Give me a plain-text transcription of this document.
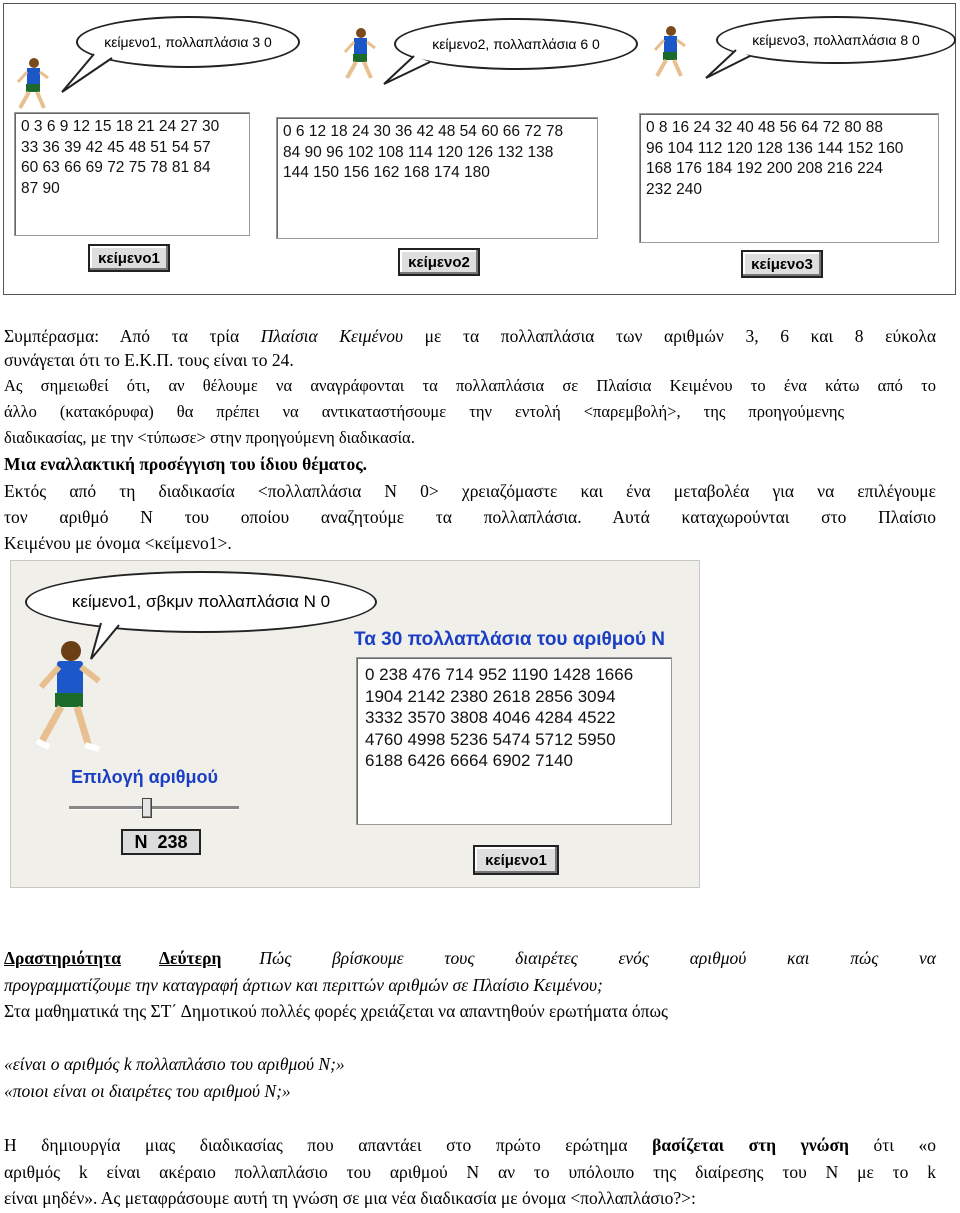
κείμενο1, πολλαπλάσια 3 0	κείμενο2, πολλαπλάσια 6 0	κείμενο3, πολλαπλάσια 8 0
0 3 6 9 12 15 18 21 24 27 30
33 36 39 42 45 48 51 54 57
60 63 66 69 72 75 78 81 84
87 90
0 6 12 18 24 30 36 42 48 54 60 66 72 78
84 90 96 102 108 114 120 126 132 138
144 150 156 162 168 174 180
0 8 16 24 32 40 48 56 64 72 80 88
96 104 112 120 128 136 144 152 160
168 176 184 192 200 208 216 224
232 240
κείμενο1	κείμενο2	κείμενο3
Συμπέρασμα: Από τα τρία Πλαίσια Κειμένου με τα πολλαπλάσια των αριθμών 3, 6 και 8 εύκολα
συνάγεται ότι το Ε.Κ.Π. τους είναι το 24.
Ας σημειωθεί ότι, αν θέλουμε να αναγράφονται τα πολλαπλάσια σε Πλαίσια Κειμένου το ένα κάτω από το
άλλο (κατακόρυφα) θα πρέπει να αντικαταστήσουμε την εντολή <παρεμβολή>, της προηγούμενης
διαδικασίας, με την <τύπωσε> στην προηγούμενη διαδικασία.
Μια εναλλακτική προσέγγιση του ίδιου θέματος.
Εκτός από τη διαδικασία <πολλαπλάσια Ν 0> χρειαζόμαστε και ένα μεταβολέα για να επιλέγουμε
τον αριθμό Ν του οποίου αναζητούμε τα πολλαπλάσια. Αυτά καταχωρούνται στο Πλαίσιο
Κειμένου με όνομα <κείμενο1>.
κείμενο1, σβκμν πολλαπλάσια Ν 0
Τα 30 πολλαπλάσια του αριθμού Ν
0 238 476 714 952 1190 1428 1666
1904 2142 2380 2618 2856 3094
3332 3570 3808 4046 4284 4522
4760 4998 5236 5474 5712 5950
6188 6426 6664 6902 7140
Επιλογή αριθμού
Ν  238
κείμενο1
Δραστηριότητα Δεύτερη Πώς βρίσκουμε τους διαιρέτες ενός αριθμού και πώς να
προγραμματίζουμε την καταγραφή άρτιων και περιττών αριθμών σε Πλαίσιο Κειμένου;
Στα μαθηματικά της ΣΤ΄ Δημοτικού πολλές φορές χρειάζεται να απαντηθούν ερωτήματα όπως
«είναι ο αριθμός k πολλαπλάσιο του αριθμού Ν;»
«ποιοι είναι οι διαιρέτες του αριθμού Ν;»
Η δημιουργία μιας διαδικασίας που απαντάει στο πρώτο ερώτημα βασίζεται στη γνώση ότι «ο
αριθμός k είναι ακέραιο πολλαπλάσιο του αριθμού Ν αν το υπόλοιπο της διαίρεσης του Ν με το k
είναι μηδέν». Ας μεταφράσουμε αυτή τη γνώση σε μια νέα διαδικασία με όνομα <πολλαπλάσιο?>:
